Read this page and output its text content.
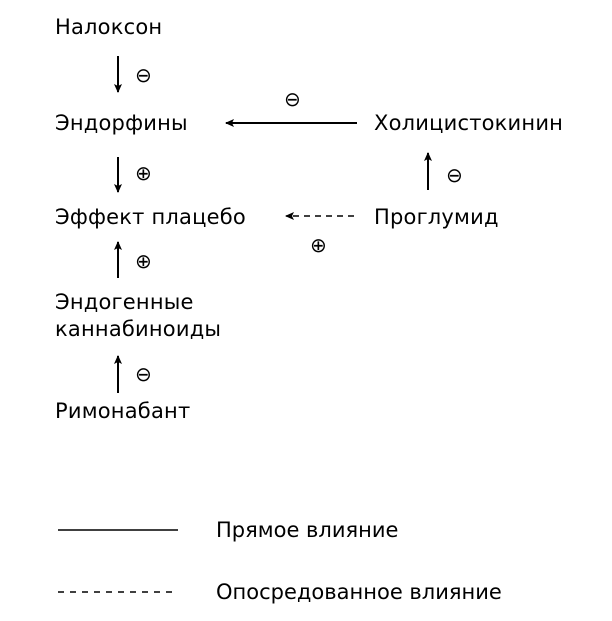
Налоксон
Эндорфины
Эффект плацебо
Эндогенные
каннабиноиды
Римонабант
Холицистокинин
Проглумид
⊖
⊕
⊖
⊖
⊕
⊕
⊖
Прямое влияние
Опосредованное влияние
